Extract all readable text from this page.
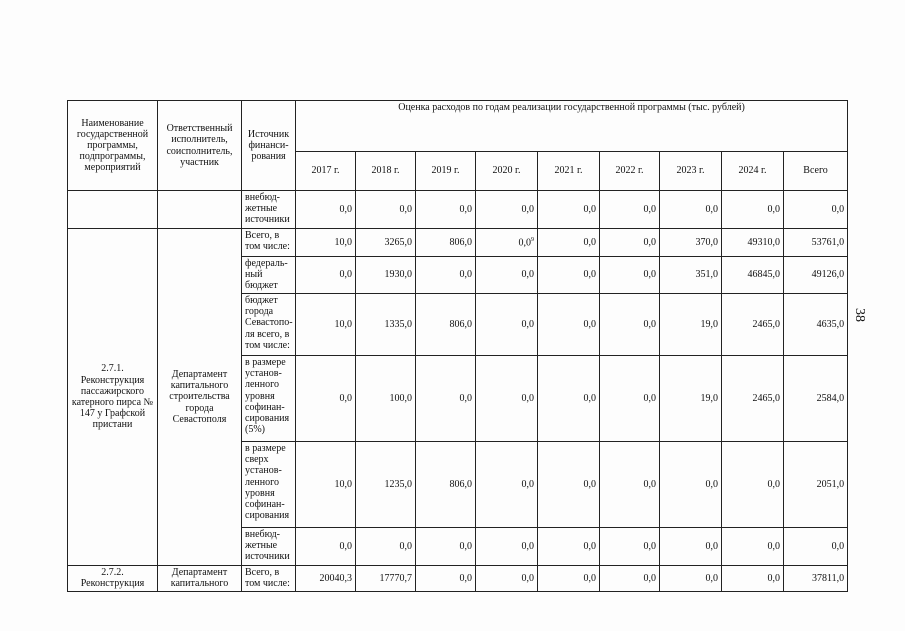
Наименование государственной программы, подпрограммы, мероприятий	Ответственный исполнитель, соисполнитель, участник	Источник финанси-рования	Оценка расходов по годам реализации государственной программы (тыс. рублей)								
			2017 г.	2018 г.	2019 г.	2020 г.	2021 г.	2022 г.	2023 г.	2024 г.	Всего
		внебюд-жетные источники	0,0	0,0	0,0	0,0	0,0	0,0	0,0	0,0	0,0
2.7.1. Реконструкция пассажирского катерного пирса № 147 у Графской пристани	Департамент капитального строительства города Севастополя	Всего, в том числе:	10,0	3265,0	806,0	$0,0^9$	0,0	0,0	370,0	49310,0	53761,0
		федераль-ный бюджет	0,0	1930,0	0,0	0,0	0,0	0,0	351,0	46845,0	49126,0
		бюджет города Севастопо-ля всего, в том числе:	10,0	1335,0	806,0	0,0	0,0	0,0	19,0	2465,0	4635,0
		в размере установ-ленного уровня софинан-сирования (5%)	0,0	100,0	0,0	0,0	0,0	0,0	19,0	2465,0	2584,0
		в размере сверх установ-ленного уровня софинан-сирования	10,0	1235,0	806,0	0,0	0,0	0,0	0,0	0,0	2051,0
		внебюд-жетные источники	0,0	0,0	0,0	0,0	0,0	0,0	0,0	0,0	0,0
2.7.2. Реконструкция	Департамент капитального	Всего, в том числе:	20040,3	17770,7	0,0	0,0	0,0	0,0	0,0	0,0	37811,0
38
